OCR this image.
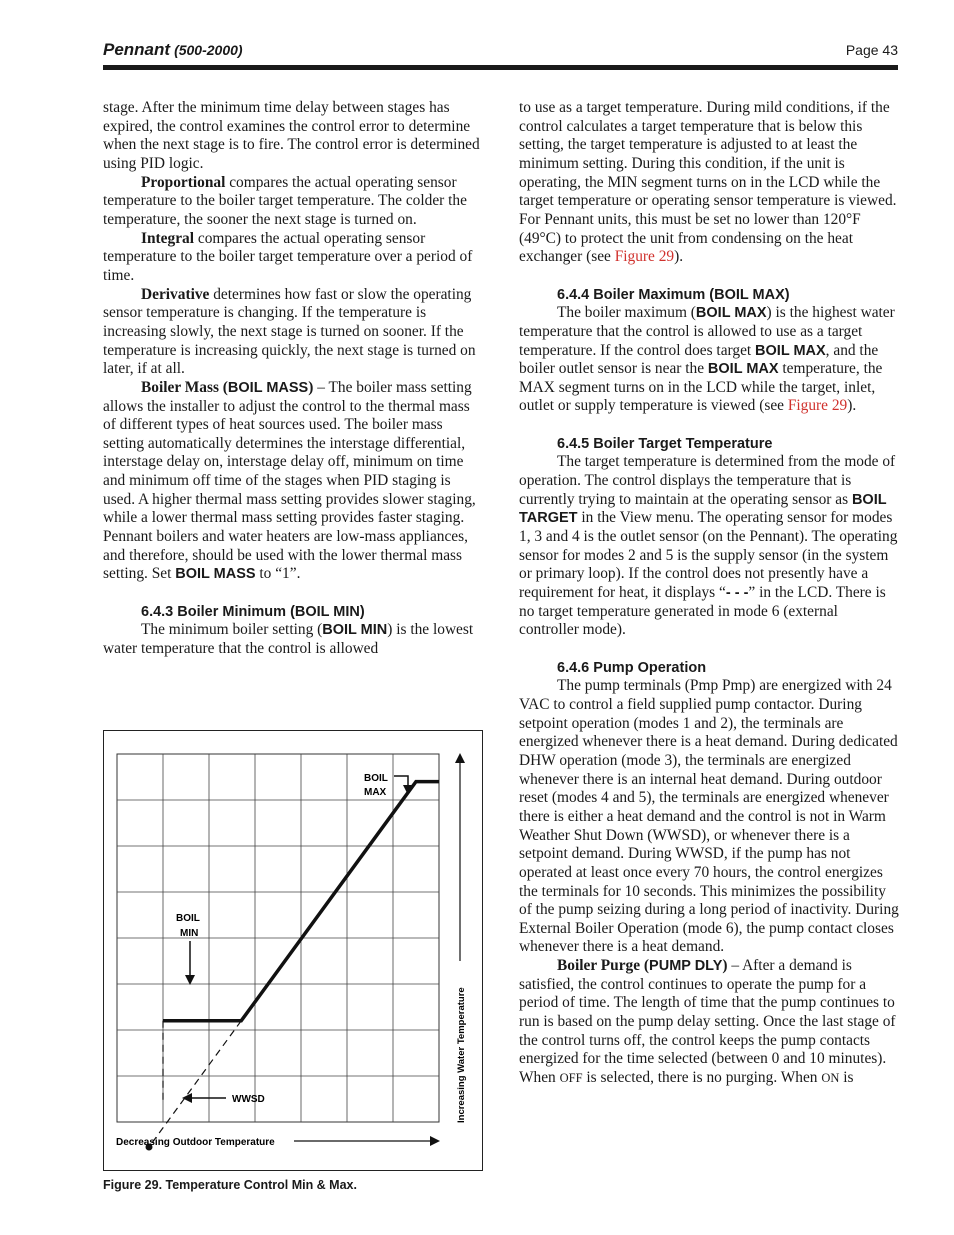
Pennant (500-2000)	Page 43

stage. After the minimum time delay between stages has expired, the control examines the control error to determine when the next stage is to fire. The control error is determined using PID logic.

Proportional compares the actual operating sensor temperature to the boiler target temperature. The colder the temperature, the sooner the next stage is turned on.

Integral compares the actual operating sensor temperature to the boiler target temperature over a period of time.

Derivative determines how fast or slow the operating sensor temperature is changing. If the temperature is increasing slowly, the next stage is turned on sooner. If the temperature is increasing quickly, the next stage is turned on later, if at all.

Boiler Mass (BOIL MASS) – The boiler mass setting allows the installer to adjust the control to the thermal mass of different types of heat sources used. The boiler mass setting automatically determines the interstage differential, interstage delay on, interstage delay off, minimum on time and minimum off time of the stages when PID staging is used. A higher thermal mass setting provides slower staging, while a lower thermal mass setting provides faster staging. Pennant boilers and water heaters are low-mass appliances, and therefore, should be used with the lower thermal mass setting. Set BOIL MASS to “1”.

6.4.3 Boiler Minimum (BOIL MIN)

The minimum boiler setting (BOIL MIN) is the lowest water temperature that the control is allowed

to use as a target temperature. During mild conditions, if the control calculates a target temperature that is below this setting, the target temperature is adjusted to at least the minimum setting. During this condition, if the unit is operating, the MIN segment turns on in the LCD while the target temperature or operating sensor temperature is viewed. For Pennant units, this must be set no lower than 120°F (49°C) to protect the unit from condensing on the heat exchanger (see Figure 29).

6.4.4 Boiler Maximum (BOIL MAX)

The boiler maximum (BOIL MAX) is the highest water temperature that the control is allowed to use as a target temperature. If the control does target BOIL MAX, and the boiler outlet sensor is near the BOIL MAX temperature, the MAX segment turns on in the LCD while the target, inlet, outlet or supply temperature is viewed (see Figure 29).

6.4.5 Boiler Target Temperature

The target temperature is determined from the mode of operation. The control displays the temperature that is currently trying to maintain at the operating sensor as BOIL TARGET in the View menu. The operating sensor for modes 1, 3 and 4 is the outlet sensor (on the Pennant). The operating sensor for modes 2 and 5 is the supply sensor (in the system or primary loop). If the control does not presently have a requirement for heat, it displays “- - -” in the LCD. There is no target temperature generated in mode 6 (external controller mode).

6.4.6 Pump Operation

The pump terminals (Pmp Pmp) are energized with 24 VAC to control a field supplied pump contactor. During setpoint operation (modes 1 and 2), the terminals are energized whenever there is a heat demand. During dedicated DHW operation (mode 3), the terminals are energized whenever there is an internal heat demand. During outdoor reset (modes 4 and 5), the terminals are energized whenever there is either a heat demand and the control is not in Warm Weather Shut Down (WWSD), or whenever there is a setpoint demand. During WWSD, if the pump has not operated at least once every 70 hours, the control energizes the terminals for 10 seconds. This minimizes the possibility of the pump seizing during a long period of inactivity. During External Boiler Operation (mode 6), the pump contact closes whenever there is a heat demand.

Boiler Purge (PUMP DLY) – After a demand is satisfied, the control continues to operate the pump for a period of time. The length of time that the pump continues to run is based on the pump delay setting. Once the last stage of the control turns off, the control keeps the pump contacts energized for the time selected (between 0 and 10 minutes). When OFF is selected, there is no purging. When ON is

BOIL
MAX
BOIL
MIN
WWSD
Decreasing Outdoor Temperature
Increasing Water Temperature
Figure 29. Temperature Control Min & Max.
